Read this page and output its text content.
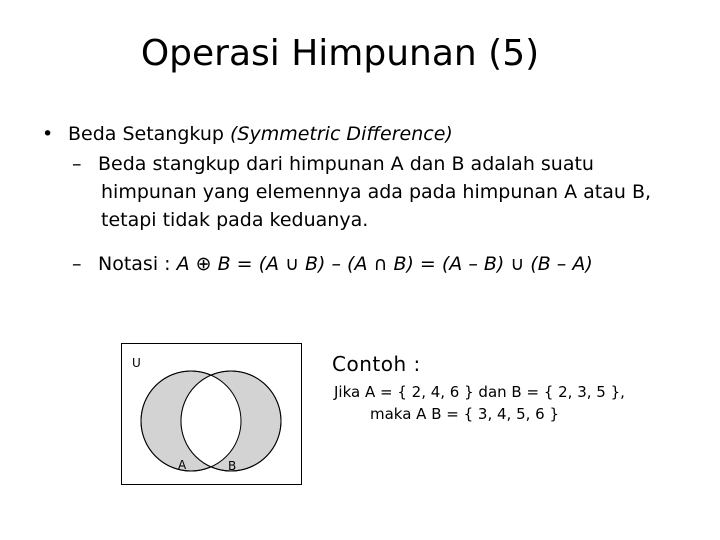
Operasi Himpunan (5)
• Beda Setangkup (Symmetric Difference)
– Beda stangkup dari himpunan A dan B adalah suatu
himpunan yang elemennya ada pada himpunan A atau B,
tetapi tidak pada keduanya.
– Notasi : A ⊕ B = (A ∪ B) – (A ∩ B) = (A – B) ∪ (B – A)
U
A	B
Contoh :
Jika A = { 2, 4, 6 } dan B = { 2, 3, 5 },
maka A B = { 3, 4, 5, 6 }
